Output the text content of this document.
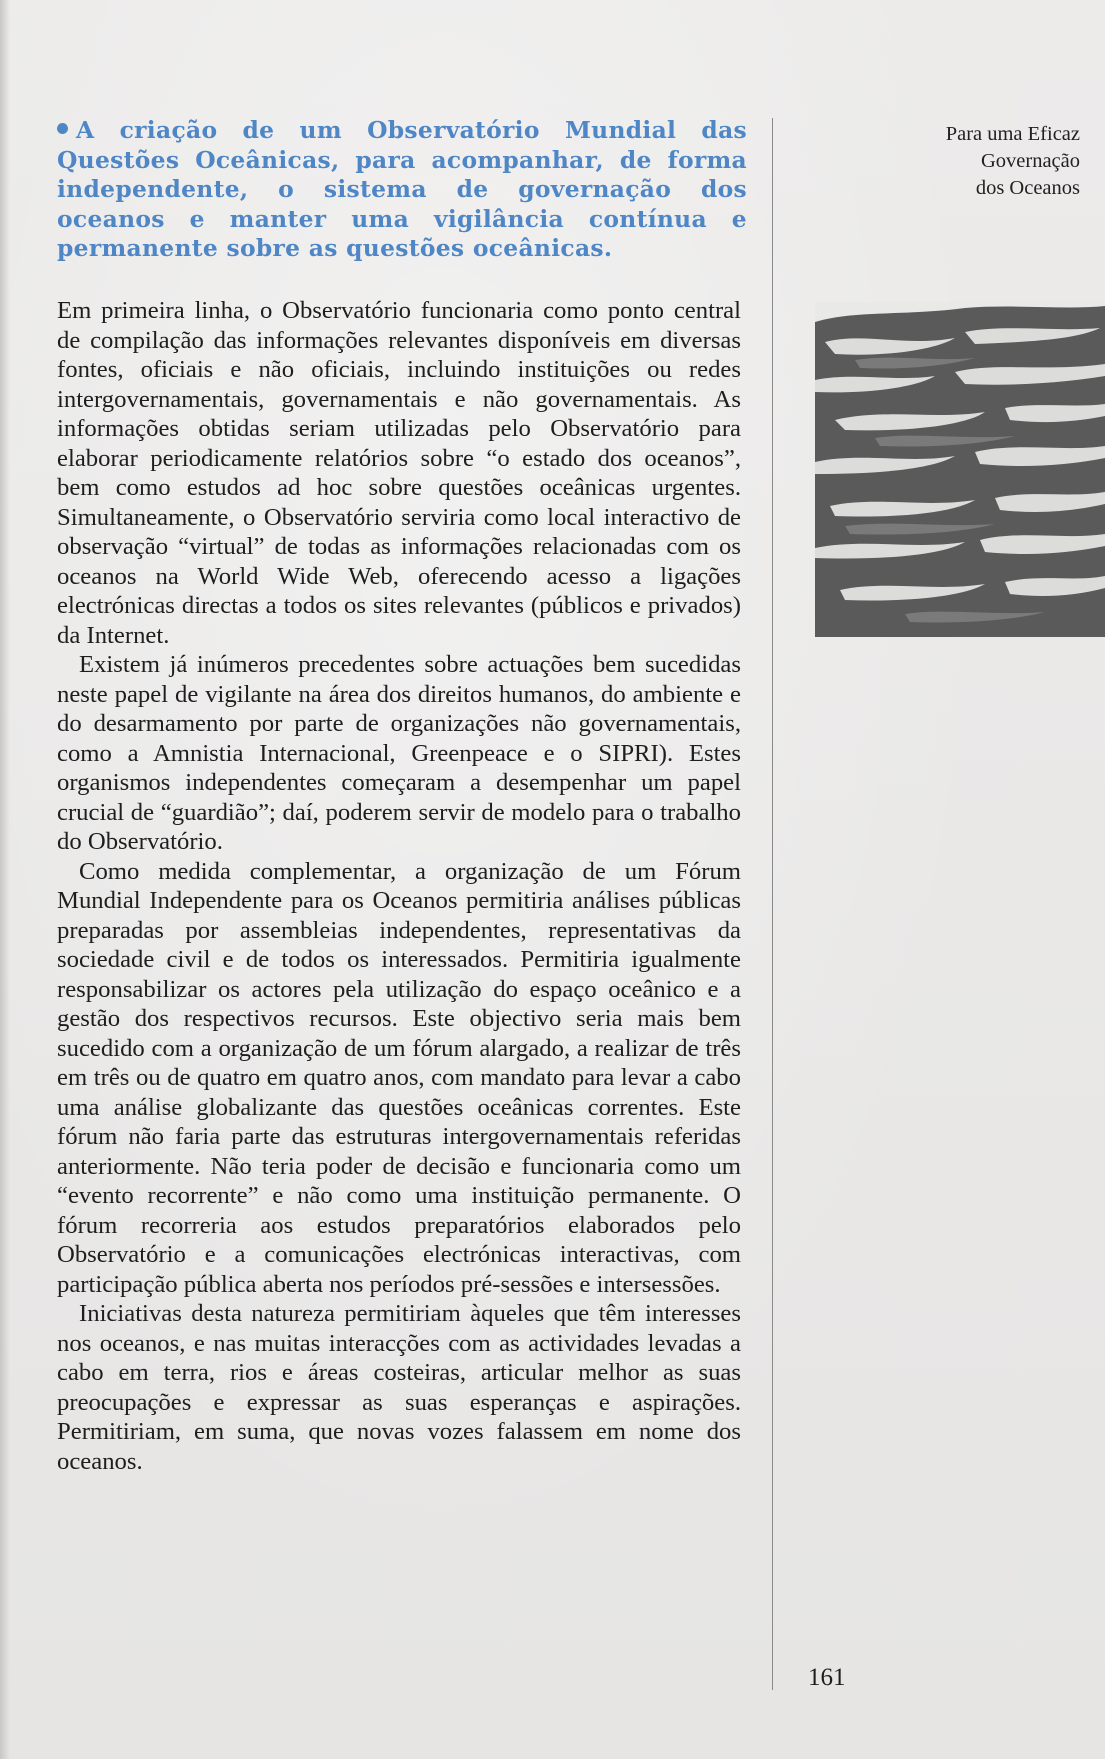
A criação de um Observatório Mundial das Questões Oceânicas, para acompanhar, de forma independente, o sistema de governação dos oceanos e manter uma vigilância contínua e permanente sobre as questões oceânicas.

Em primeira linha, o Observatório funcionaria como ponto central de compilação das informações relevantes disponíveis em diversas fontes, oficiais e não oficiais, incluindo instituições ou redes intergovernamentais, governamentais e não governamentais. As informações obtidas seriam utilizadas pelo Observatório para elaborar periodicamente relatórios sobre “o estado dos oceanos”, bem como estudos ad hoc sobre questões oceânicas urgentes. Simultaneamente, o Observatório serviria como local interactivo de observação “virtual” de todas as informações relacionadas com os oceanos na World Wide Web, oferecendo acesso a ligações electrónicas directas a todos os sites relevantes (públicos e privados) da Internet.

Existem já inúmeros precedentes sobre actuações bem sucedidas neste papel de vigilante na área dos direitos humanos, do ambiente e do desarmamento por parte de organizações não governamentais, como a Amnistia Internacional, Greenpeace e o SIPRI). Estes organismos independentes começaram a desempenhar um papel crucial de “guardião”; daí, poderem servir de modelo para o trabalho do Observatório.

Como medida complementar, a organização de um Fórum Mundial Independente para os Oceanos permitiria análises públicas preparadas por assembleias independentes, representativas da sociedade civil e de todos os interessados. Permitiria igualmente responsabilizar os actores pela utilização do espaço oceânico e a gestão dos respectivos recursos. Este objectivo seria mais bem sucedido com a organização de um fórum alargado, a realizar de três em três ou de quatro em quatro anos, com mandato para levar a cabo uma análise globalizante das questões oceânicas correntes. Este fórum não faria parte das estruturas intergovernamentais referidas anteriormente. Não teria poder de decisão e funcionaria como um “evento recorrente” e não como uma instituição permanente. O fórum recorreria aos estudos preparatórios elaborados pelo Observatório e a comunicações electrónicas interactivas, com participação pública aberta nos períodos pré-sessões e intersessões.

Iniciativas desta natureza permitiriam àqueles que têm interesses nos oceanos, e nas muitas interacções com as actividades levadas a cabo em terra, rios e áreas costeiras, articular melhor as suas preocupações e expressar as suas esperanças e aspirações. Permitiriam, em suma, que novas vozes falassem em nome dos oceanos.

Para uma Eficaz
Governação
dos Oceanos
161
